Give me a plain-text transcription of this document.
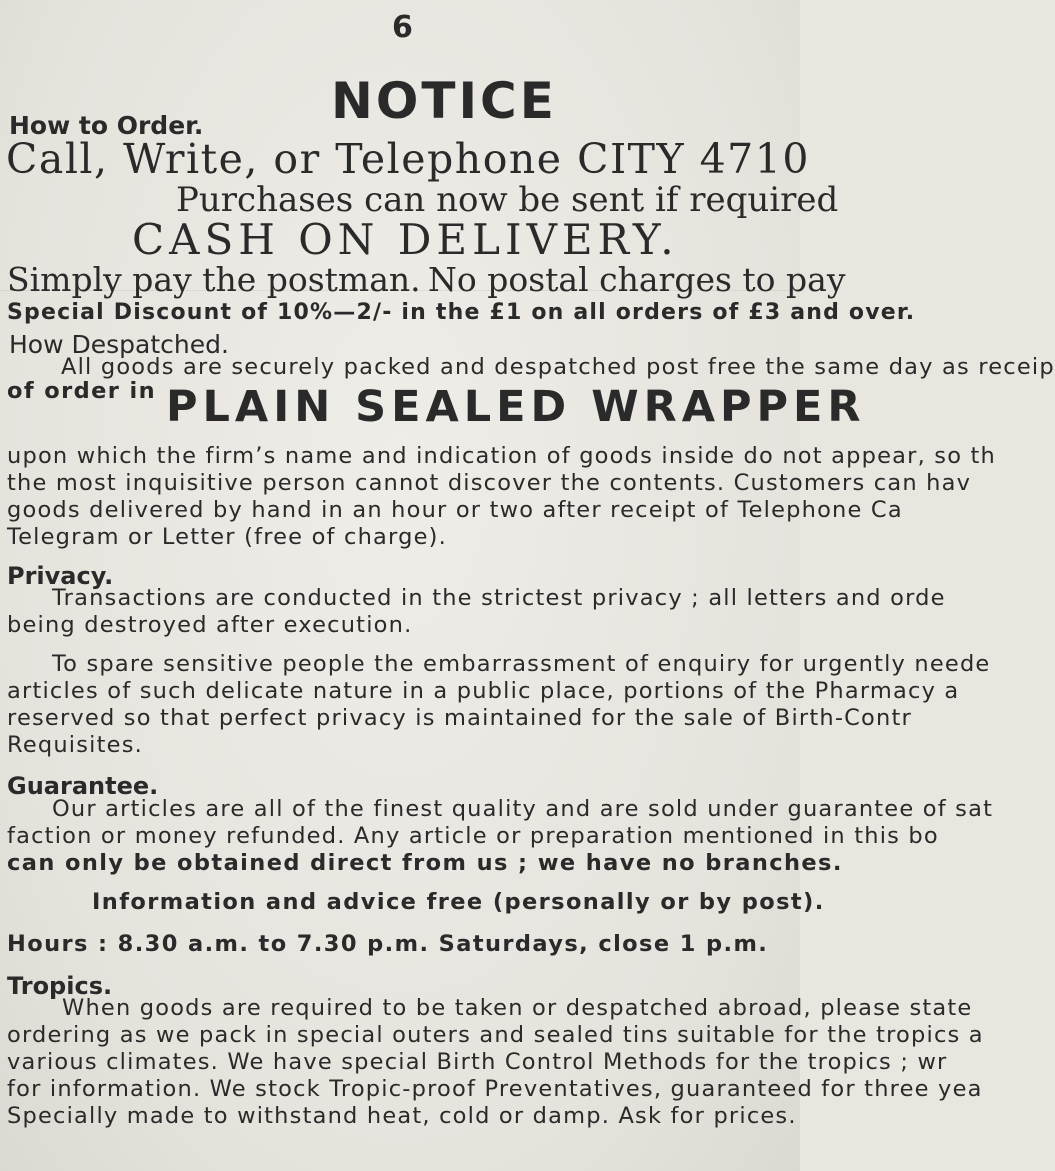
6
NOTICE
How to Order.
Call, Write, or Telephone CITY 4710
Purchases can now be sent if required
CASH ON DELIVERY.
Simply pay the postman. No postal charges to pay
Special Discount of 10%—2/- in the £1 on all orders of £3 and over.
How Despatched.
All goods are securely packed and despatched post free the same day as receip
of order in PLAIN SEALED WRAPPER
upon which the firm’s name and indication of goods inside do not appear, so th
the most inquisitive person cannot discover the contents. Customers can hav
goods delivered by hand in an hour or two after receipt of Telephone Ca
Telegram or Letter (free of charge).
Privacy.
Transactions are conducted in the strictest privacy ; all letters and orde
being destroyed after execution.
To spare sensitive people the embarrassment of enquiry for urgently neede
articles of such delicate nature in a public place, portions of the Pharmacy a
reserved so that perfect privacy is maintained for the sale of Birth-Contr
Requisites.
Guarantee.
Our articles are all of the finest quality and are sold under guarantee of sat
faction or money refunded. Any article or preparation mentioned in this bo
can only be obtained direct from us ; we have no branches.
Information and advice free (personally or by post).
Hours : 8.30 a.m. to 7.30 p.m. Saturdays, close 1 p.m.
Tropics.
When goods are required to be taken or despatched abroad, please state
ordering as we pack in special outers and sealed tins suitable for the tropics a
various climates. We have special Birth Control Methods for the tropics ; wr
for information. We stock Tropic-proof Preventatives, guaranteed for three yea
Specially made to withstand heat, cold or damp. Ask for prices.
